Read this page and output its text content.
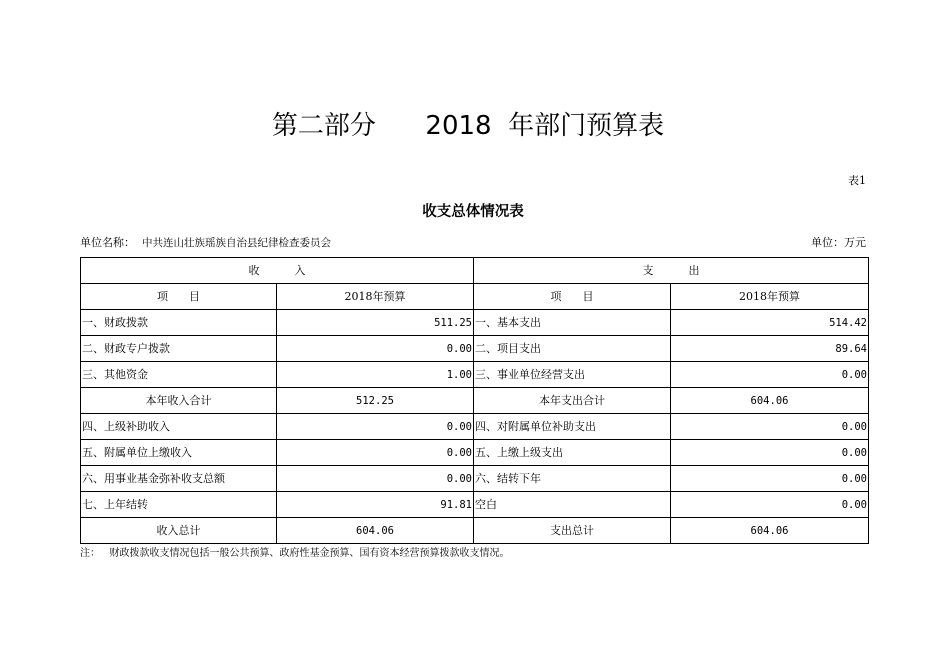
第二部分      2018  年部门预算表
表1
收支总体情况表
单位名称： 中共连山壮族瑶族自治县纪律检查委员会	单位：万元
收          入		支          出	
项      目	2018年预算	项      目	2018年预算
一、财政拨款	511.25	一、基本支出	514.42
二、财政专户拨款	0.00	二、项目支出	89.64
三、其他资金	1.00	三、事业单位经营支出	0.00
本年收入合计	512.25	本年支出合计	604.06
四、上级补助收入	0.00	四、对附属单位补助支出	0.00
五、附属单位上缴收入	0.00	五、上缴上级支出	0.00
六、用事业基金弥补收支总额	0.00	六、结转下年	0.00
七、上年结转	91.81	空白	0.00
收入总计	604.06	支出总计	604.06
注：   财政拨款收支情况包括一般公共预算、政府性基金预算、国有资本经营预算拨款收支情况。
